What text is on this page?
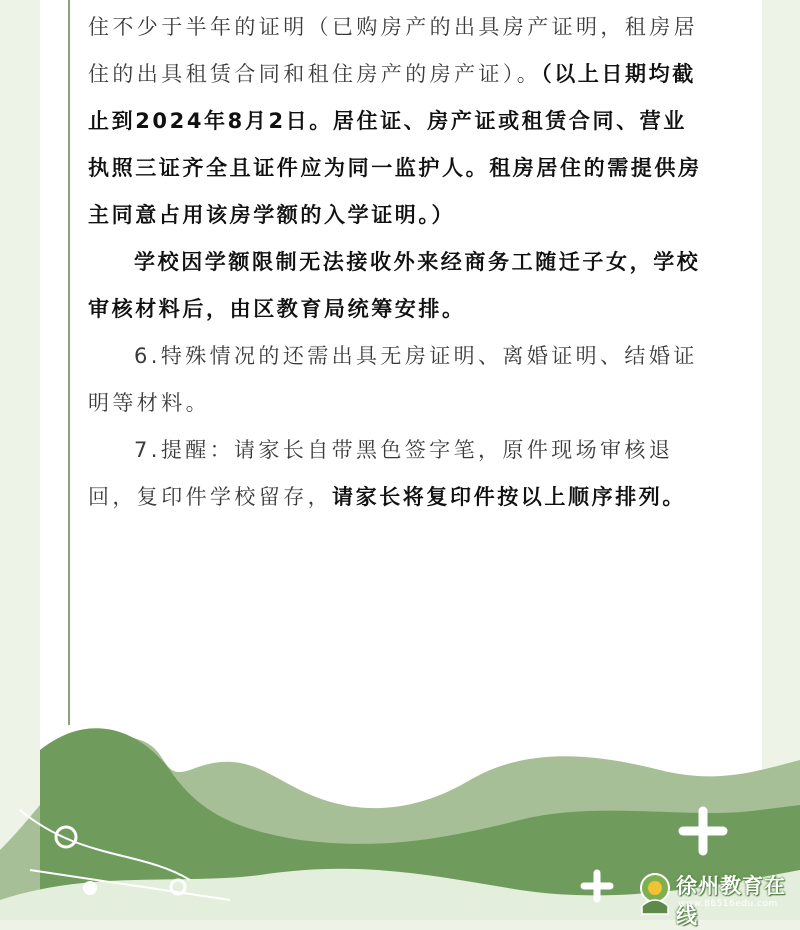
住不少于半年的证明（已购房产的出具房产证明，租房居住的出具租赁合同和租住房产的房产证）。（以上日期均截止到2024年8月2日。居住证、房产证或租赁合同、营业执照三证齐全且证件应为同一监护人。租房居住的需提供房主同意占用该房学额的入学证明。）

学校因学额限制无法接收外来经商务工随迁子女，学校审核材料后，由区教育局统筹安排。

6.特殊情况的还需出具无房证明、离婚证明、结婚证明等材料。

7.提醒：请家长自带黑色签字笔，原件现场审核退回，复印件学校留存，请家长将复印件按以上顺序排列。

徐州教育在线
www.86516edu.com
